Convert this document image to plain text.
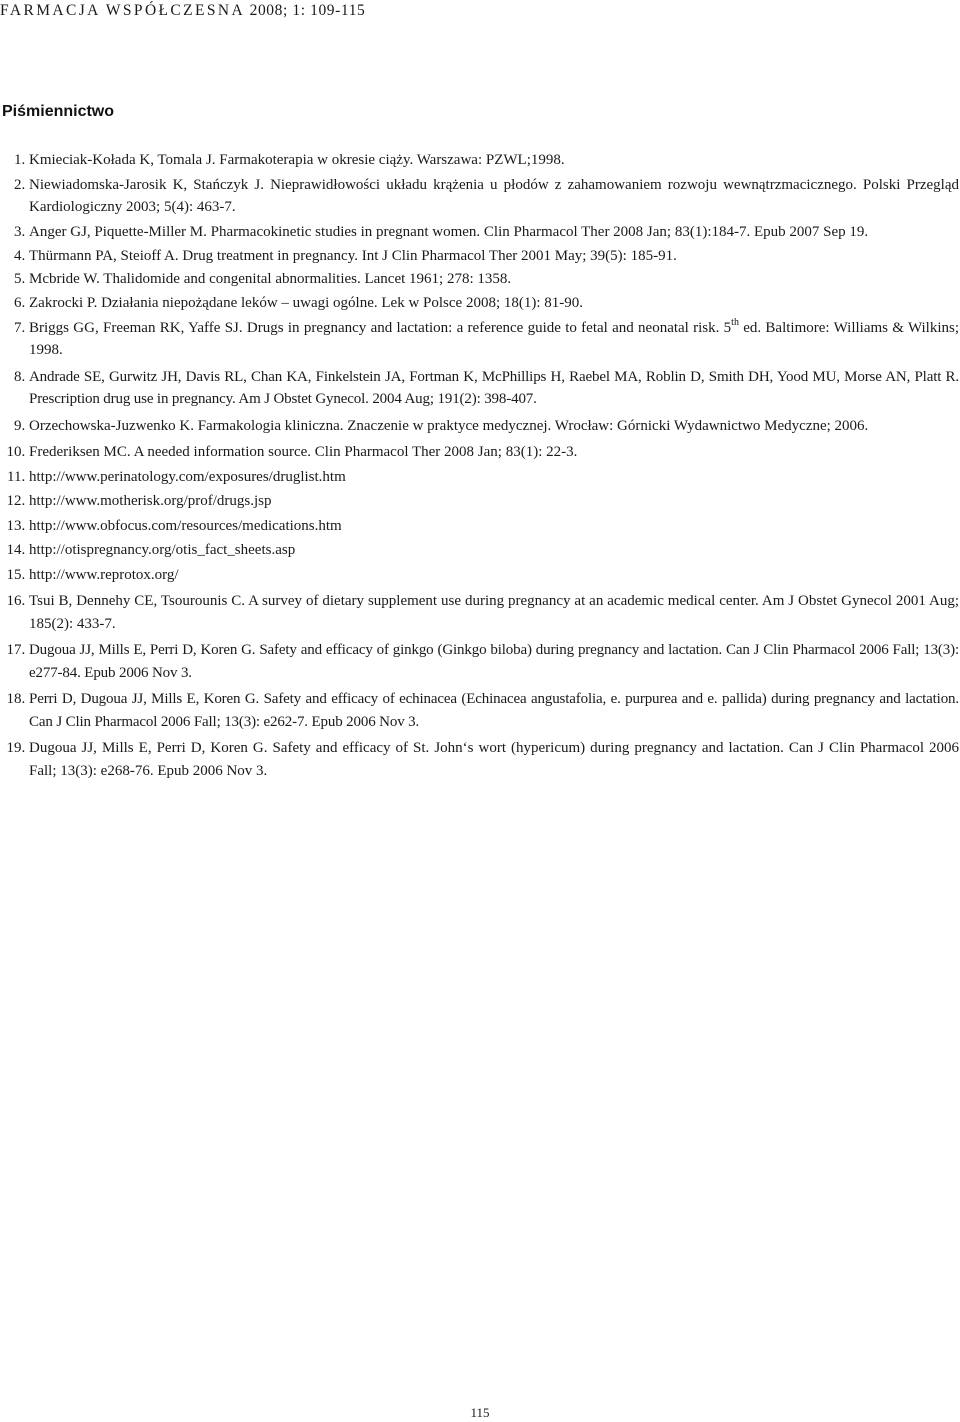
FARMACJA WSPÓŁCZESNA 2008; 1: 109-115
Piśmiennictwo
1. Kmieciak-Kołada K, Tomala J. Farmakoterapia w okresie ciąży. Warszawa: PZWL;1998.
2. Niewiadomska-Jarosik K, Stańczyk J. Nieprawidłowości układu krążenia u płodów z zahamowaniem rozwoju wewnątrzmacicznego. Polski Przegląd Kardiologiczny 2003; 5(4): 463-7.
3. Anger GJ, Piquette-Miller M. Pharmacokinetic studies in pregnant women. Clin Pharmacol Ther 2008 Jan; 83(1):184-7. Epub 2007 Sep 19.
4. Thürmann PA, Steioff A. Drug treatment in pregnancy. Int J Clin Pharmacol Ther 2001 May; 39(5): 185-91.
5. Mcbride W. Thalidomide and congenital abnormalities. Lancet 1961; 278: 1358.
6. Zakrocki P. Działania niepożądane leków – uwagi ogólne. Lek w Polsce 2008; 18(1): 81-90.
7. Briggs GG, Freeman RK, Yaffe SJ. Drugs in pregnancy and lactation: a reference guide to fetal and neonatal risk. 5th ed. Baltimore: Williams & Wilkins; 1998.
8. Andrade SE, Gurwitz JH, Davis RL, Chan KA, Finkelstein JA, Fortman K, McPhillips H, Raebel MA, Roblin D, Smith DH, Yood MU, Morse AN, Platt R. Prescription drug use in pregnancy. Am J Obstet Gynecol. 2004 Aug; 191(2): 398-407.
9. Orzechowska-Juzwenko K. Farmakologia kliniczna. Znaczenie w praktyce medycznej. Wrocław: Górnicki Wydawnictwo Medyczne; 2006.
10. Frederiksen MC. A needed information source. Clin Pharmacol Ther 2008 Jan; 83(1): 22-3.
11. http://www.perinatology.com/exposures/druglist.htm
12. http://www.motherisk.org/prof/drugs.jsp
13. http://www.obfocus.com/resources/medications.htm
14. http://otispregnancy.org/otis_fact_sheets.asp
15. http://www.reprotox.org/
16. Tsui B, Dennehy CE, Tsourounis C. A survey of dietary supplement use during pregnancy at an academic medical center. Am J Obstet Gynecol 2001 Aug; 185(2): 433-7.
17. Dugoua JJ, Mills E, Perri D, Koren G. Safety and efficacy of ginkgo (Ginkgo biloba) during pregnancy and lactation. Can J Clin Pharmacol 2006 Fall; 13(3): e277-84. Epub 2006 Nov 3.
18. Perri D, Dugoua JJ, Mills E, Koren G. Safety and efficacy of echinacea (Echinacea angustafolia, e. purpurea and e. pallida) during pregnancy and lactation. Can J Clin Pharmacol 2006 Fall; 13(3): e262-7. Epub 2006 Nov 3.
19. Dugoua JJ, Mills E, Perri D, Koren G. Safety and efficacy of St. John‘s wort (hypericum) during pregnancy and lactation. Can J Clin Pharmacol 2006 Fall; 13(3): e268-76. Epub 2006 Nov 3.
115
